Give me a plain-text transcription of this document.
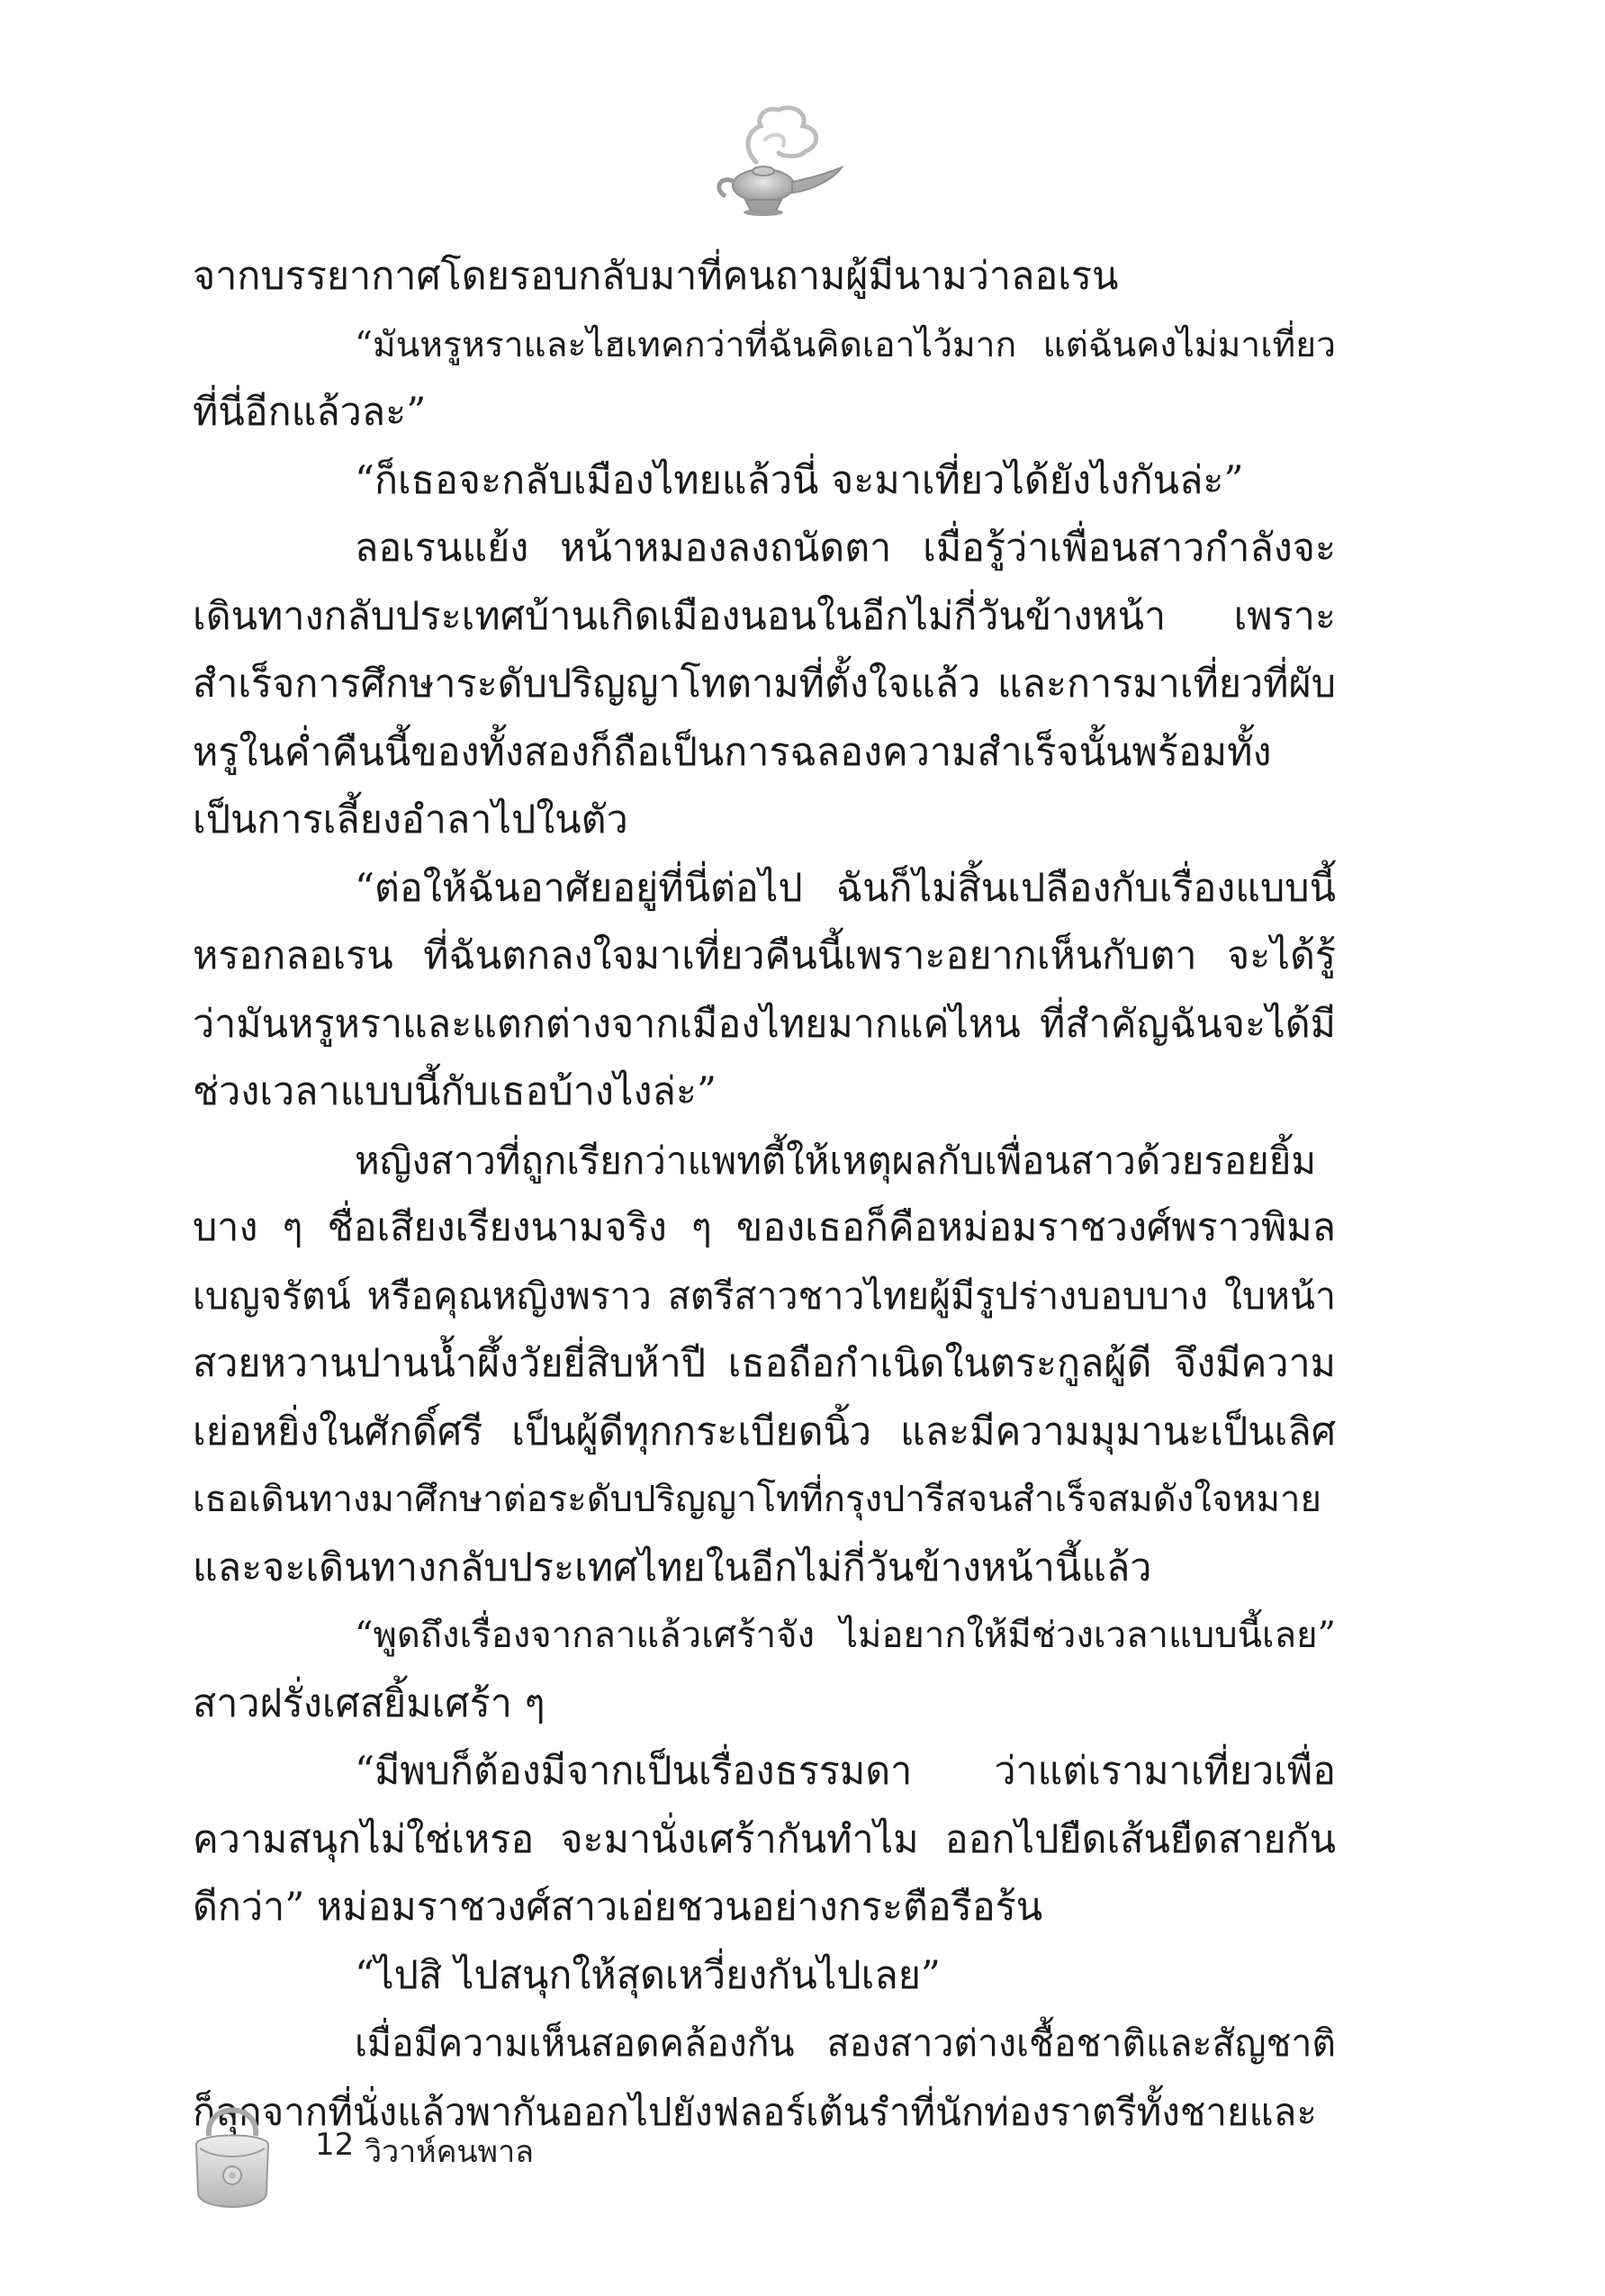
จากบรรยากาศโดยรอบกลับมาที่คนถามผู้มีนามว่าลอเรน
“มันหรูหราและไฮเทคกว่าที่ฉันคิดเอาไว้มาก แต่ฉันคงไม่มาเที่ยว
ที่นี่อีกแล้วละ”
“ก็เธอจะกลับเมืองไทยแล้วนี่ จะมาเที่ยวได้ยังไงกันล่ะ”
ลอเรนแย้ง หน้าหมองลงถนัดตา เมื่อรู้ว่าเพื่อนสาวกำลังจะ
เดินทางกลับประเทศบ้านเกิดเมืองนอนในอีกไม่กี่วันข้างหน้า เพราะ
สำเร็จการศึกษาระดับปริญญาโทตามที่ตั้งใจแล้ว และการมาเที่ยวที่ผับ
หรูในค่ำคืนนี้ของทั้งสองก็ถือเป็นการฉลองความสำเร็จนั้นพร้อมทั้ง
เป็นการเลี้ยงอำลาไปในตัว
“ต่อให้ฉันอาศัยอยู่ที่นี่ต่อไป ฉันก็ไม่สิ้นเปลืองกับเรื่องแบบนี้
หรอกลอเรน ที่ฉันตกลงใจมาเที่ยวคืนนี้เพราะอยากเห็นกับตา จะได้รู้
ว่ามันหรูหราและแตกต่างจากเมืองไทยมากแค่ไหน ที่สำคัญฉันจะได้มี
ช่วงเวลาแบบนี้กับเธอบ้างไงล่ะ”
หญิงสาวที่ถูกเรียกว่าแพทตี้ให้เหตุผลกับเพื่อนสาวด้วยรอยยิ้ม
บาง ๆ ชื่อเสียงเรียงนามจริง ๆ ของเธอก็คือหม่อมราชวงศ์พราวพิมล
เบญจรัตน์ หรือคุณหญิงพราว สตรีสาวชาวไทยผู้มีรูปร่างบอบบาง ใบหน้า
สวยหวานปานน้ำผึ้งวัยยี่สิบห้าปี เธอถือกำเนิดในตระกูลผู้ดี จึงมีความ
เย่อหยิ่งในศักดิ์ศรี เป็นผู้ดีทุกกระเบียดนิ้ว และมีความมุมานะเป็นเลิศ
เธอเดินทางมาศึกษาต่อระดับปริญญาโทที่กรุงปารีสจนสำเร็จสมดังใจหมาย
และจะเดินทางกลับประเทศไทยในอีกไม่กี่วันข้างหน้านี้แล้ว
“พูดถึงเรื่องจากลาแล้วเศร้าจัง ไม่อยากให้มีช่วงเวลาแบบนี้เลย”
สาวฝรั่งเศสยิ้มเศร้า ๆ
“มีพบก็ต้องมีจากเป็นเรื่องธรรมดา ว่าแต่เรามาเที่ยวเพื่อ
ความสนุกไม่ใช่เหรอ จะมานั่งเศร้ากันทำไม ออกไปยืดเส้นยืดสายกัน
ดีกว่า” หม่อมราชวงศ์สาวเอ่ยชวนอย่างกระตือรือร้น
“ไปสิ ไปสนุกให้สุดเหวี่ยงกันไปเลย”
เมื่อมีความเห็นสอดคล้องกัน สองสาวต่างเชื้อชาติและสัญชาติ
ก็ลุกจากที่นั่งแล้วพากันออกไปยังฟลอร์เต้นรำที่นักท่องราตรีทั้งชายและ
12 วิวาห์คนพาล
